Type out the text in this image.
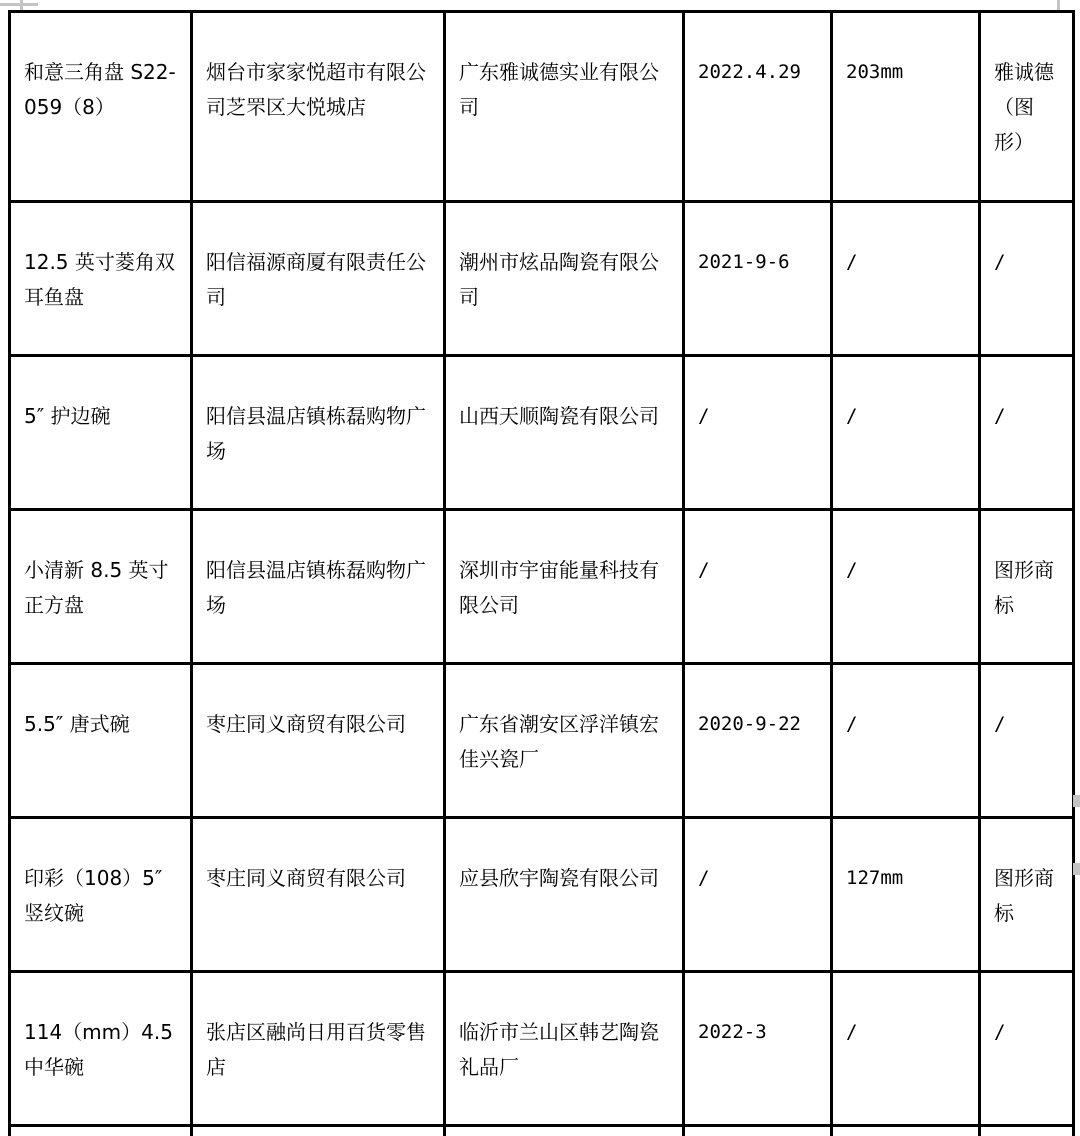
和意三角盘 S22-059（8）	烟台市家家悦超市有限公司芝罘区大悦城店	广东雅诚德实业有限公司	2022.4.29	203mm	雅诚德（图形）
12.5 英寸菱角双耳鱼盘	阳信福源商厦有限责任公司	潮州市炫品陶瓷有限公司	2021-9-6	/	/
5″ 护边碗	阳信县温店镇栋磊购物广场	山西天顺陶瓷有限公司	/	/	/
小清新 8.5 英寸正方盘	阳信县温店镇栋磊购物广场	深圳市宇宙能量科技有限公司	/	/	图形商标
5.5″ 唐式碗	枣庄同义商贸有限公司	广东省潮安区浮洋镇宏佳兴瓷厂	2020-9-22	/	/
印彩（108）5″ 竖纹碗	枣庄同义商贸有限公司	应县欣宇陶瓷有限公司	/	127mm	图形商标
114（mm）4.5 中华碗	张店区融尚日用百货零售店	临沂市兰山区韩艺陶瓷礼品厂	2022-3	/	/
